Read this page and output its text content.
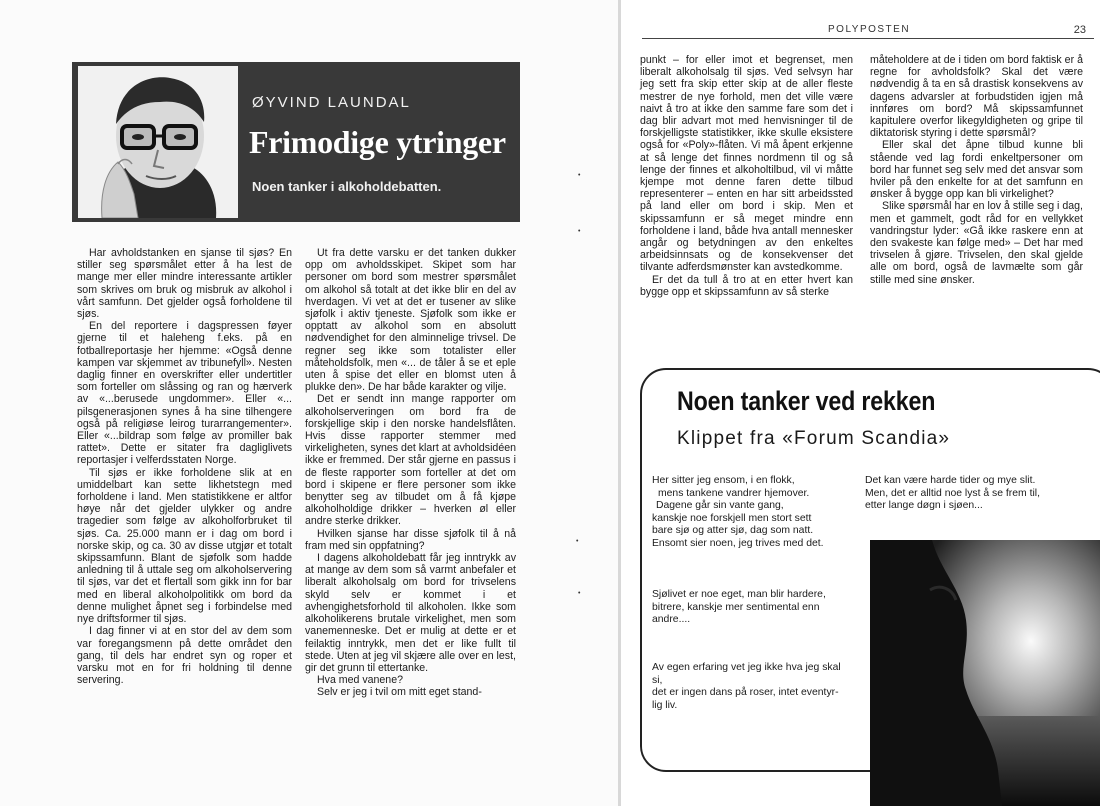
POLYPOSTEN	23
ØYVIND LAUNDAL
Frimodige ytringer
Noen tanker i alkoholdebatten.

Har avholdstanken en sjanse til sjøs? En stiller seg spørsmålet etter å ha lest de mange mer eller mindre interessante artikler som skrives om bruk og misbruk av alkohol i vårt samfunn. Det gjelder også forholdene til sjøs.

En del reportere i dagspressen føyer gjerne til et haleheng f.eks. på en fotballreportasje her hjemme: «Også denne kampen var skjemmet av tribunefyll». Nesten daglig finner en overskrifter eller undertitler som forteller om slåssing og ran og hærverk av «...berusede ungdommer». Eller «... pilsgenerasjonen synes å ha sine tilhengere også på religiøse leirog turarrangementer». Eller «...bildrap som følge av promiller bak rattet». Dette er sitater fra dagliglivets reportasjer i velferdsstaten Norge.

Til sjøs er ikke forholdene slik at en umiddelbart kan sette likhetstegn med forholdene i land. Men statistikkene er altfor høye når det gjelder ulykker og andre tragedier som følge av alkoholforbruket til sjøs. Ca. 25.000 mann er i dag om bord i norske skip, og ca. 30 av disse utgjør et totalt skipssamfunn. Blant de sjøfolk som hadde anledning til å uttale seg om alkoholservering til sjøs, var det et flertall som gikk inn for bar med en liberal alkoholpolitikk om bord da denne mulighet åpnet seg i forbindelse med nye driftsformer til sjøs.

I dag finner vi at en stor del av dem som var foregangsmenn på dette området den gang, til dels har endret syn og roper et varsku mot en for fri holdning til denne servering.

Ut fra dette varsku er det tanken dukker opp om avholdsskipet. Skipet som har personer om bord som mestrer spørsmålet om alkohol så totalt at det ikke blir en del av hverdagen. Vi vet at det er tusener av slike sjøfolk i aktiv tjeneste. Sjøfolk som ikke er opptatt av alkohol som en absolutt nødvendighet for den alminnelige trivsel. De regner seg ikke som totalister eller måteholdsfolk, men «... de tåler å se et eple uten å spise det eller en blomst uten å plukke den». De har både karakter og vilje.

Det er sendt inn mange rapporter om alkoholserveringen om bord fra de forskjellige skip i den norske handelsflåten. Hvis disse rapporter stemmer med virkeligheten, synes det klart at avholdsidéen ikke er fremmed. Der står gjerne en passus i de fleste rapporter som forteller at det om bord i skipene er flere personer som ikke benytter seg av tilbudet om å få kjøpe alkoholholdige drikker – hverken øl eller andre sterke drikker.

Hvilken sjanse har disse sjøfolk til å nå fram med sin oppfatning?

I dagens alkoholdebatt får jeg inntrykk av at mange av dem som så varmt anbefaler et liberalt alkoholsalg om bord for trivselens skyld selv er kommet i et avhengighetsforhold til alkoholen. Ikke som alkoholikerens brutale virkelighet, men som vanemenneske. Det er mulig at dette er et feilaktig inntrykk, men det er like fullt til stede. Uten at jeg vil skjære alle over en lest, gir det grunn til ettertanke.

Hva med vanene?

Selv er jeg i tvil om mitt eget stand-

punkt – for eller imot et begrenset, men liberalt alkoholsalg til sjøs. Ved selvsyn har jeg sett fra skip etter skip at de aller fleste mestrer de nye forhold, men det ville være naivt å tro at ikke den samme fare som det i dag blir advart mot med henvisninger til de forskjelligste statistikker, ikke skulle eksistere også for «Poly»-flåten. Vi må åpent erkjenne at så lenge det finnes nordmenn til og så lenge der finnes et alkoholtilbud, vil vi måtte kjempe mot denne faren dette tilbud representerer – enten en har sitt arbeidssted på land eller om bord i skip. Men et skipssamfunn er så meget mindre enn forholdene i land, både hva antall mennesker angår og betydningen av den enkeltes arbeidsinnsats og de konsekvenser det tilvante adferdsmønster kan avstedkomme.

Er det da tull å tro at en etter hvert kan bygge opp et skipssamfunn av så sterke

måteholdere at de i tiden om bord faktisk er å regne for avholdsfolk? Skal det være nødvendig å ta en så drastisk konsekvens av dagens advarsler at forbudstiden igjen må innføres om bord? Må skipssamfunnet kapitulere overfor likegyldigheten og gripe til diktatorisk styring i dette spørsmål?

Eller skal det åpne tilbud kunne bli stående ved lag fordi enkeltpersoner om bord har funnet seg selv med det ansvar som hviler på den enkelte for at det samfunn en ønsker å bygge opp kan bli virkelighet?

Slike spørsmål har en lov å stille seg i dag, men et gammelt, godt råd for en vellykket vandringstur lyder: «Gå ikke raskere enn at den svakeste kan følge med» – Det har med trivselen å gjøre. Trivselen, den skal gjelde alle om bord, også de lavmælte som går stille med sine ønsker.

•
•
•
•
Noen tanker ved rekken
Klippet fra «Forum Scandia»
Her sitter jeg ensom, i en flokk,
mens tankene vandrer hjemover.
Dagene går sin vante gang,
kanskje noe forskjell men stort sett
bare sjø og atter sjø, dag som natt.
Ensomt sier noen, jeg trives med det.
Sjølivet er noe eget, man blir hardere,
bitrere, kanskje mer sentimental enn
andre....
Av egen erfaring vet jeg ikke hva jeg skal
si,
det er ingen dans på roser, intet eventyr-
lig liv.
Det kan være harde tider og mye slit.
Men, det er alltid noe lyst å se frem til,
etter lange døgn i sjøen...
